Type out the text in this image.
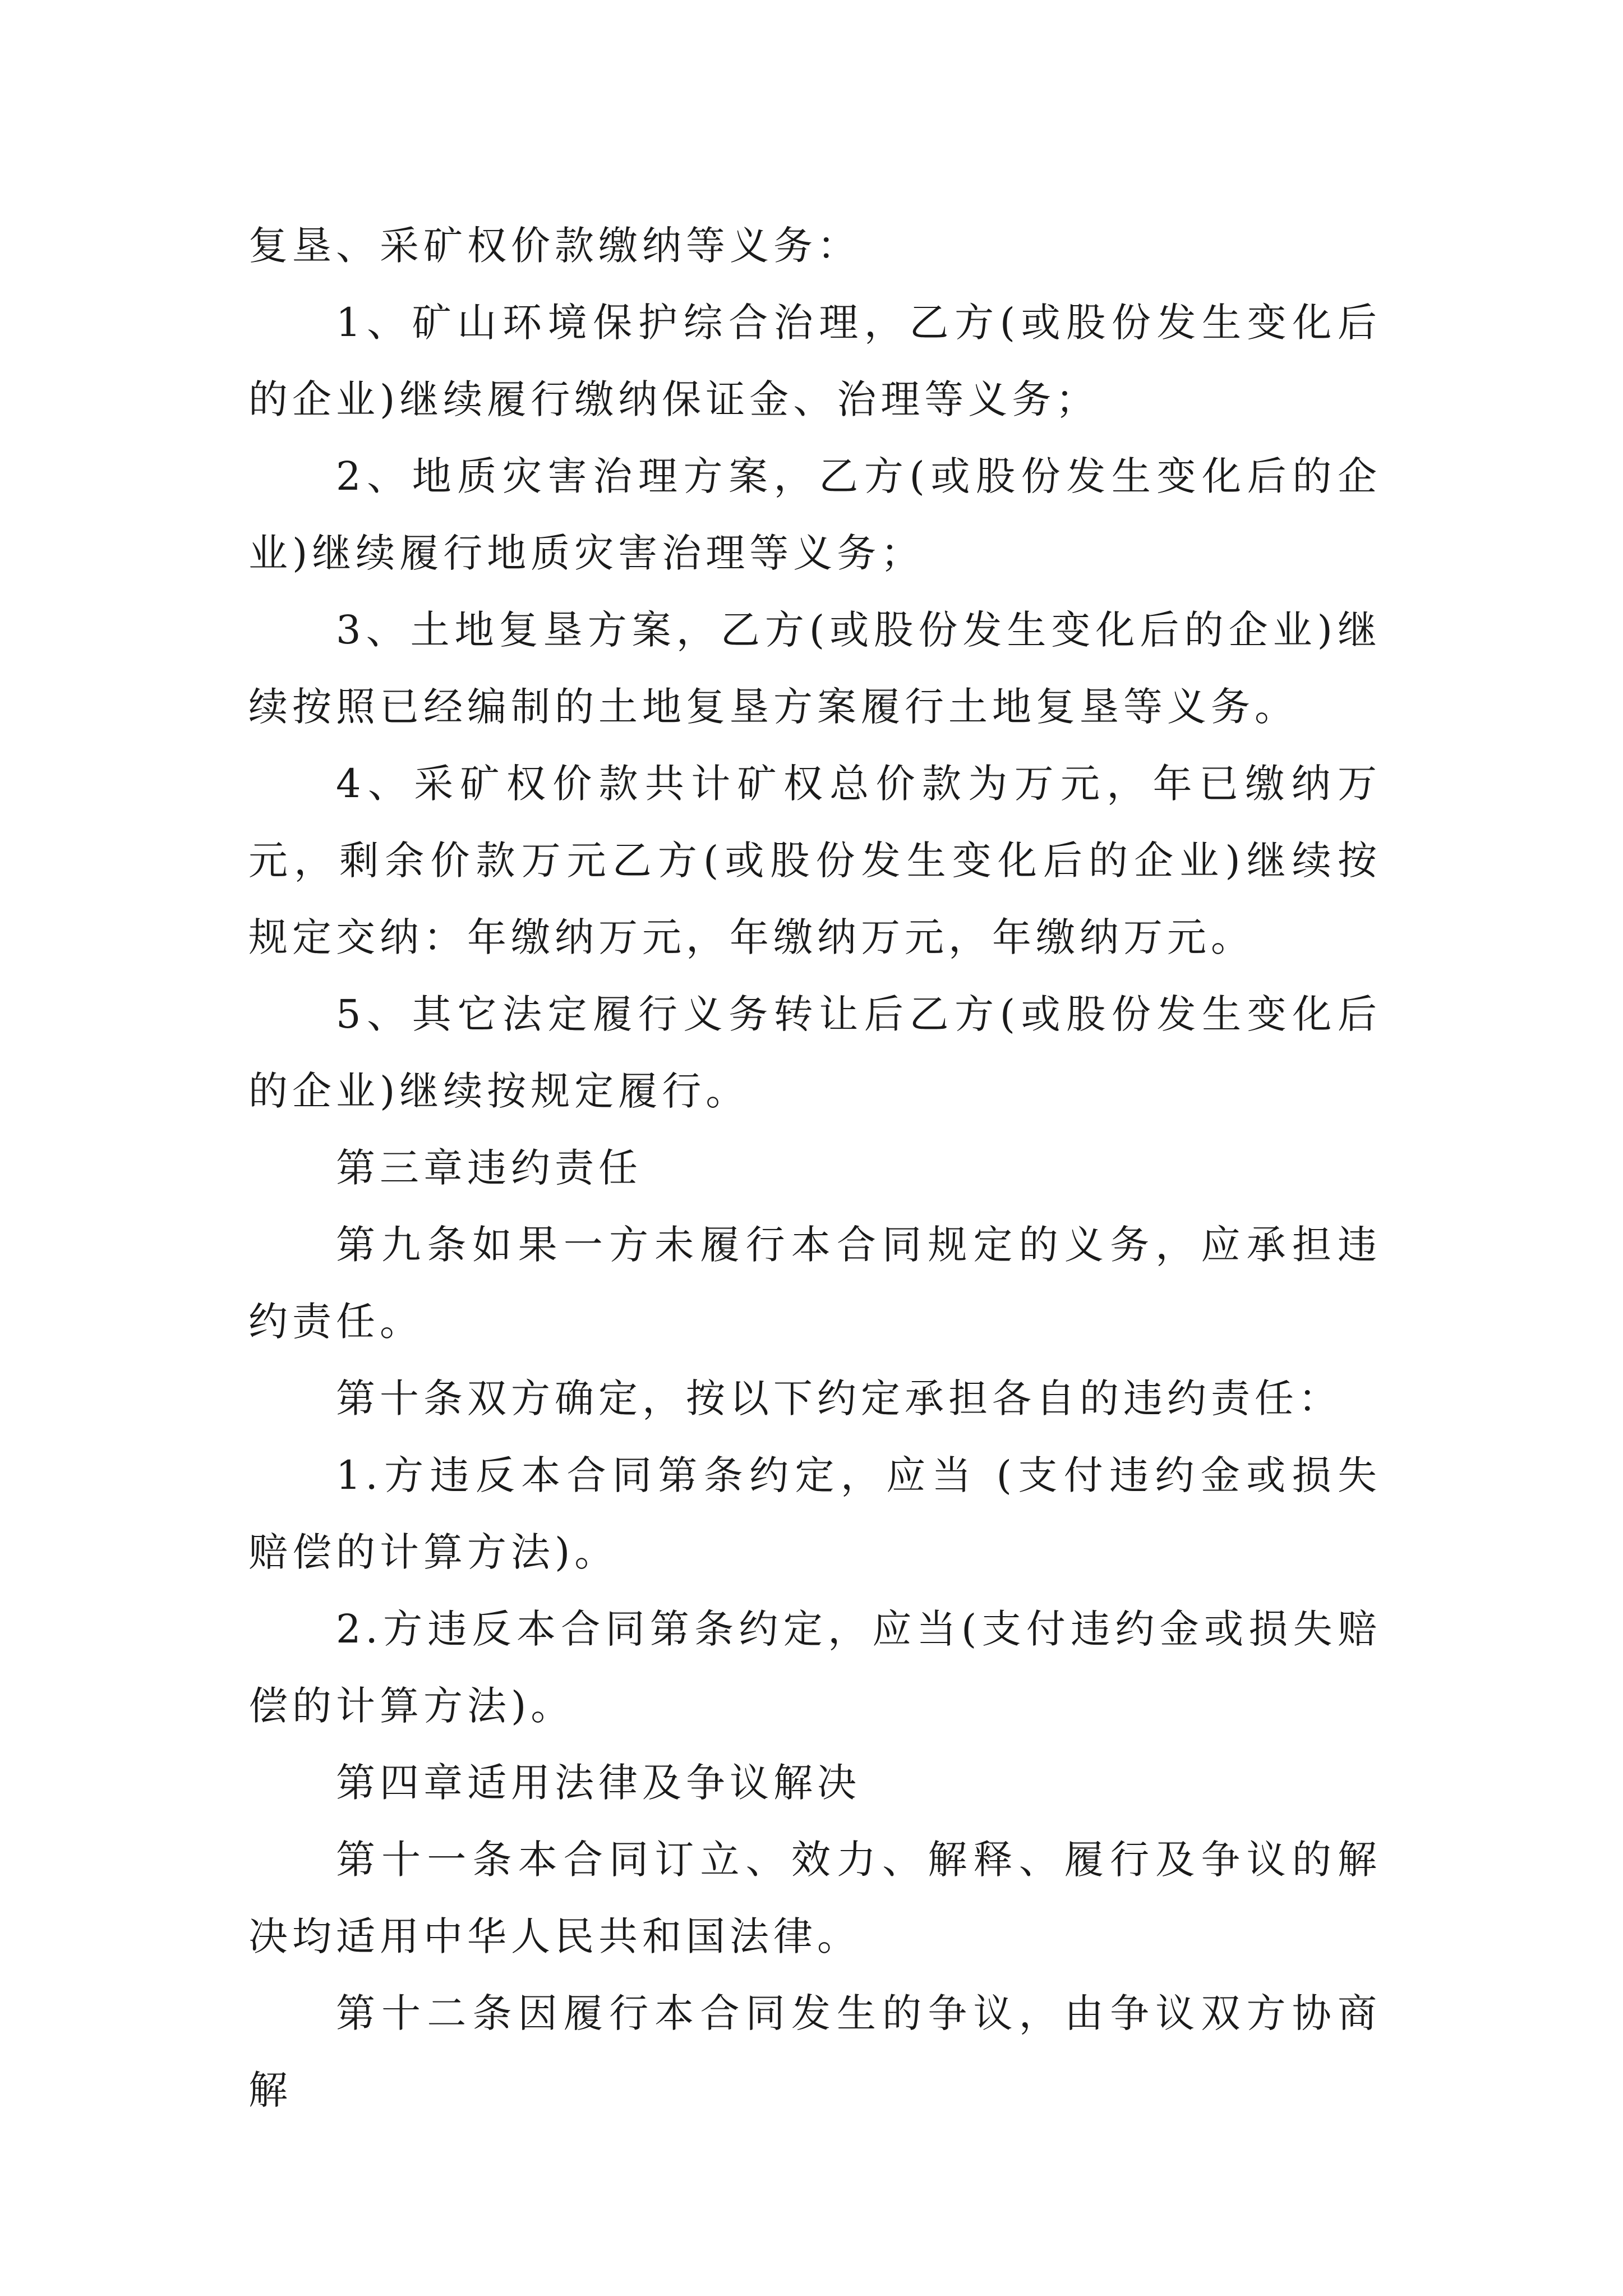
复垦、采矿权价款缴纳等义务：

1、矿山环境保护综合治理，乙方(或股份发生变化后的企业)继续履行缴纳保证金、治理等义务；

2、地质灾害治理方案，乙方(或股份发生变化后的企业)继续履行地质灾害治理等义务；

3、土地复垦方案，乙方(或股份发生变化后的企业)继续按照已经编制的土地复垦方案履行土地复垦等义务。

4、采矿权价款共计矿权总价款为万元，年已缴纳万元，剩余价款万元乙方(或股份发生变化后的企业)继续按规定交纳：年缴纳万元，年缴纳万元，年缴纳万元。

5、其它法定履行义务转让后乙方(或股份发生变化后的企业)继续按规定履行。

第三章违约责任

第九条如果一方未履行本合同规定的义务，应承担违约责任。

第十条双方确定，按以下约定承担各自的违约责任：

1.方违反本合同第条约定，应当 (支付违约金或损失赔偿的计算方法)。

2.方违反本合同第条约定，应当(支付违约金或损失赔偿的计算方法)。

第四章适用法律及争议解决

第十一条本合同订立、效力、解释、履行及争议的解决均适用中华人民共和国法律。

第十二条因履行本合同发生的争议，由争议双方协商解
